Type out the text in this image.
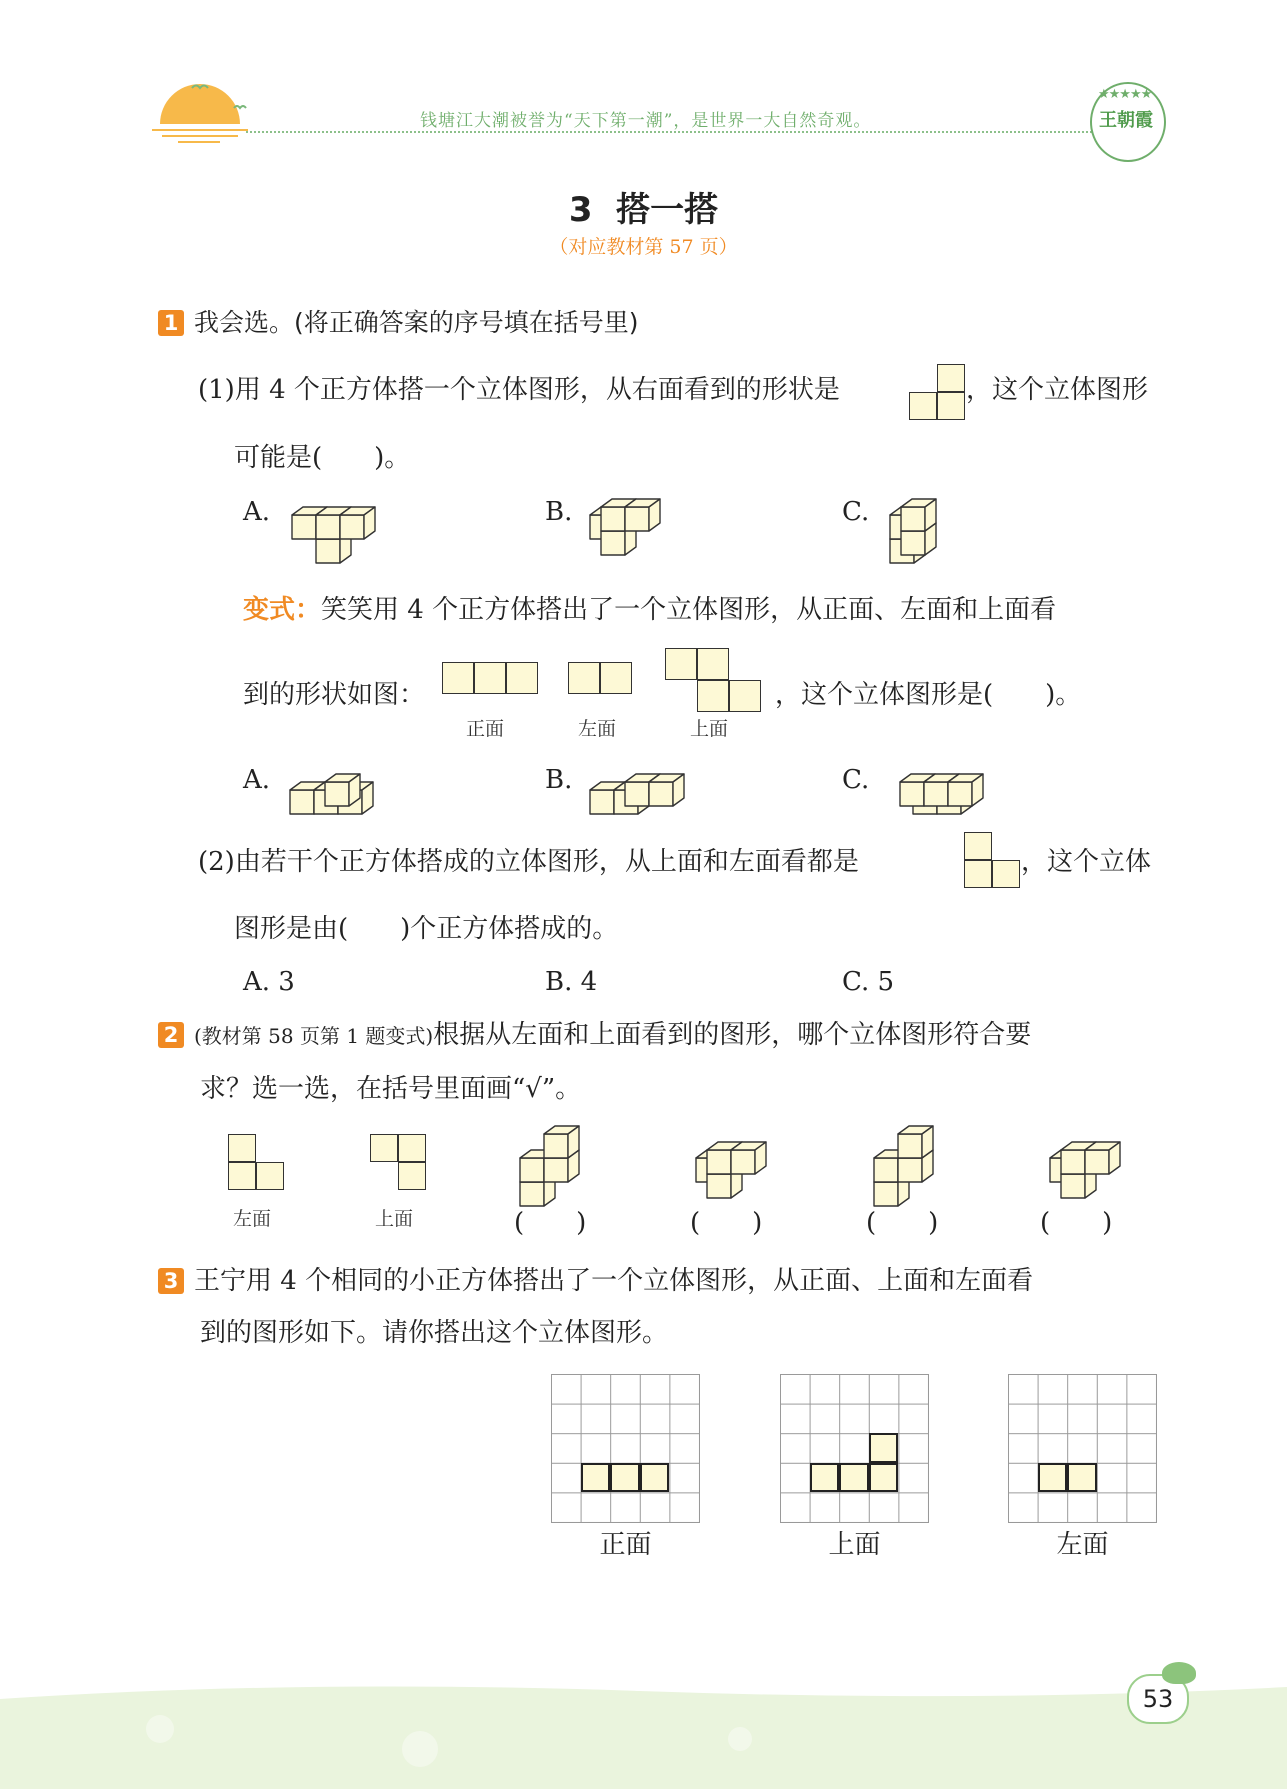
钱塘江大潮被誉为“天下第一潮”，是世界一大自然奇观。
★★★★★
王朝霞
3  搭一搭
（对应教材第 57 页）
1 我会选。(将正确答案的序号填在括号里)
(1)用 4 个正方体搭一个立体图形，从右面看到的形状是	，这个立体图形
可能是(　　)。
A.	B.	C.
变式：笑笑用 4 个正方体搭出了一个立体图形，从正面、左面和上面看
到的形状如图：
正面	左面	上面
，这个立体图形是(　　)。
A.	B.	C.
(2)由若干个正方体搭成的立体图形，从上面和左面看都是	，这个立体
图形是由(　　)个正方体搭成的。
A. 3	B. 4	C. 5
2 (教材第 58 页第 1 题变式)根据从左面和上面看到的图形，哪个立体图形符合要
求？选一选，在括号里面画“√”。
左面	上面	(　　)	(　　)	(　　)	(　　)
3 王宁用 4 个相同的小正方体搭出了一个立体图形，从正面、上面和左面看
到的图形如下。请你搭出这个立体图形。
正面	上面	左面
53
